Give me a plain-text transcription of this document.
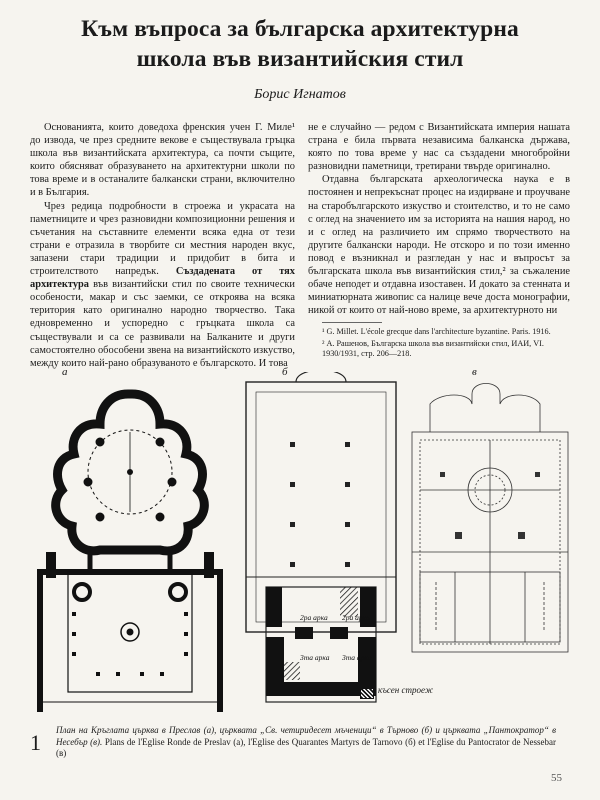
Към въпроса за българска архитектурна
школа във византийския стил
Борис Игнатов

Основанията, които доведоха френския учен Г. Миле¹ до извода, че през средните векове е съществувала гръцка школа във византийската архитектура, са почти същите, които обясняват образуването на архитектурни школи по това време и в останалите балкански страни, включително и в България.

Чрез редица подробности в строежа и украсата на паметниците и чрез разновидни композиционни решения и съчетания на съставните елементи всяка една от тези страни е отразила в творбите си местния народен вкус, запазени стари традиции и придобит в бита и строителството напредък. Създадената от тях архитектура във византийски стил по своите технически особености, макар и със заемки, се откроява на всяка територия като оригинално народно творчество. Така едновременно и успоредно с гръцката школа са съществували и са се развивали на Балканите и други самостоятелно обособени звена на византийското изкуство, между които най-рано образуваното е българското. И това

не е случайно — редом с Византийската империя нашата страна е била първата независима балканска държава, която по това време у нас са създадени многобройни разновидни паметници, третирани твърде оригинално.

Отдавна българската археологическа наука е в постоянен и непрекъснат процес на издирване и проучване на старобългарското изкуство и стоителство, и то не само с оглед на значението им за историята на нашия народ, но и с оглед на различието им спрямо творчеството на другите балкански народи. Не отскоро и по този именно повод е възникнал и разгледан у нас и въпросът за българската школа във византийския стил,² за съжаление обаче неподет и отдавна изоставен. И докато за стенната и миниатюрната живопис са налице вече доста монографии, никой от които от най-ново време, за архитектурното ни

¹ G. Millet. L'école grecque dans l'architecture byzantine. Paris. 1916.
² А. Рашенов, Българска школа във византийски стил, ИАИ, VI. 1930/1931, стр. 206—218.
а	б	в
2ра арка
3та арка
2ра арка
3та арка
късен строеж
1 План на Кръглата църква в Преслав (а), църквата „Св. четиридесет мъченици“ в Търново (б) и църквата „Пантократор“ в Несебър (в). Plans de l'Eglise Ronde de Preslav (a), l'Eglise des Quarantes Martyrs de Tarnovo (б) et l'Eglise du Pantocrator de Nessebar (в)
55
